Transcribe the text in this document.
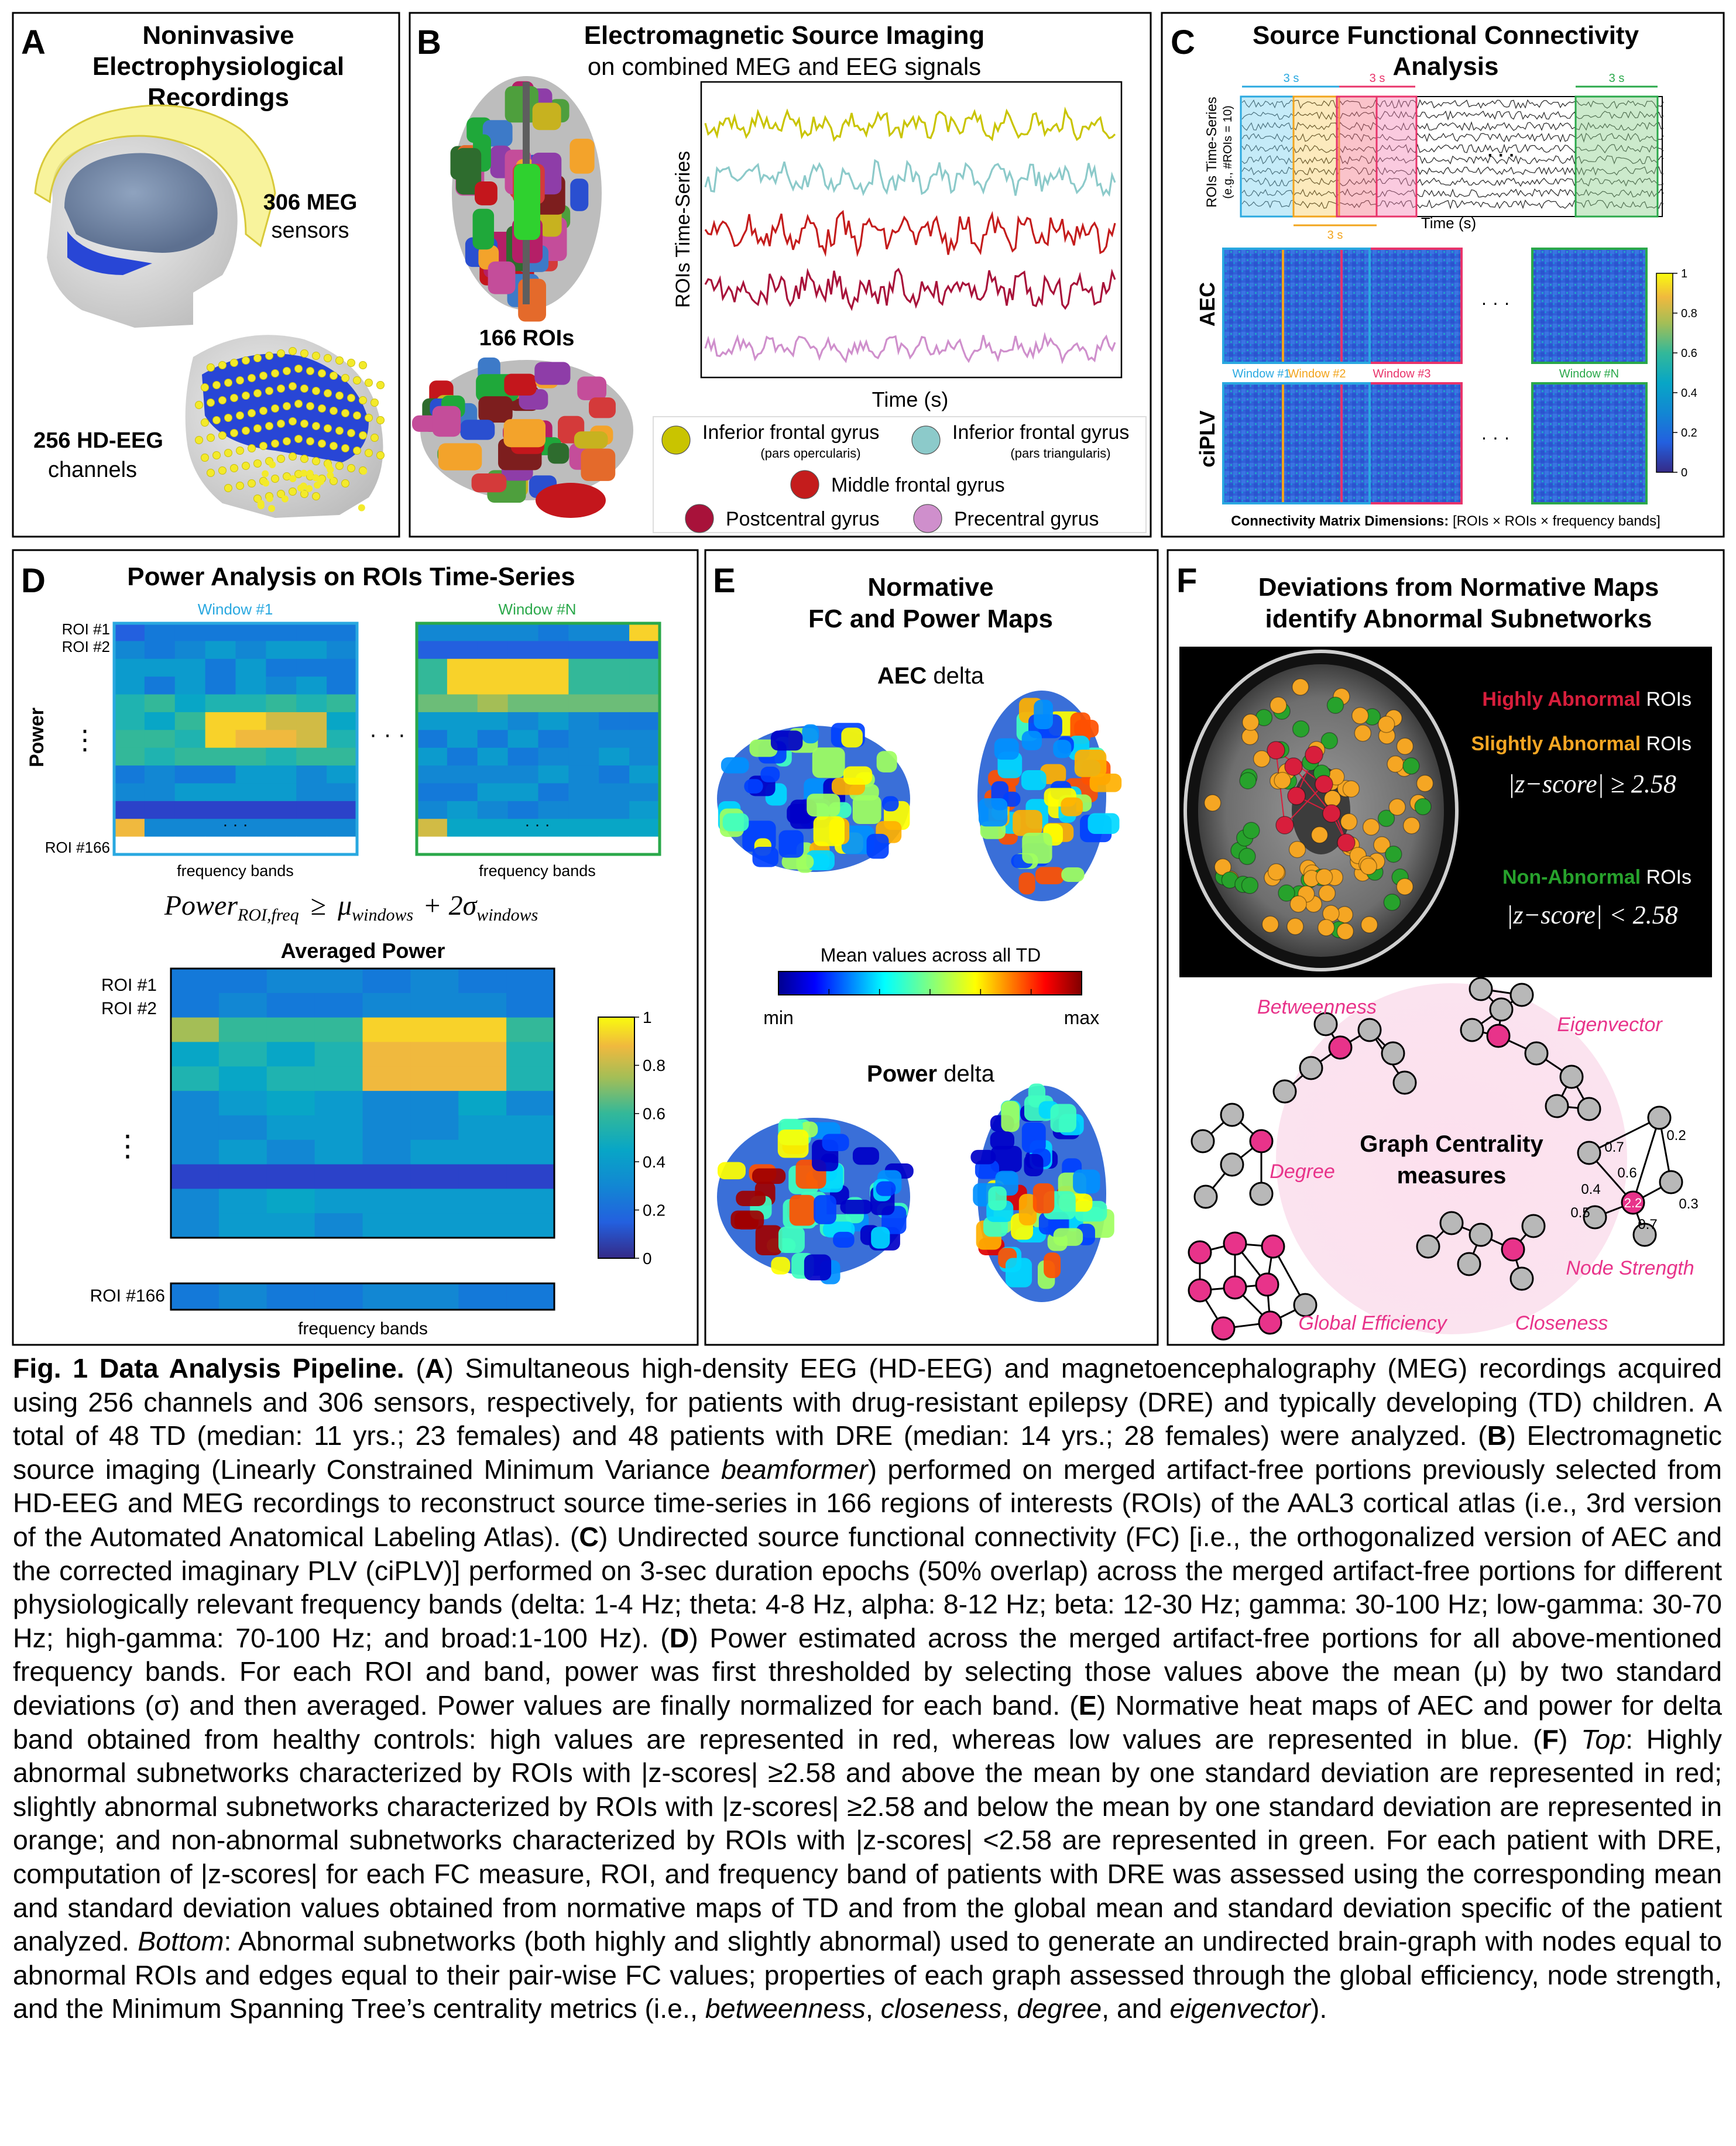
A	Noninvasive
Electrophysiological
Recordings
306 MEG
sensors
256 HD-EEG
channels
B	Electromagnetic Source Imaging
on combined MEG and EEG signals
166 ROIs
ROIs Time-Series
Time (s)
Inferior frontal gyrus
(pars opercularis)
Inferior frontal gyrus
(pars triangularis)
Middle frontal gyrus
Postcentral gyrus	Precentral gyrus
C Source Functional Connectivity
Analysis
ROIs Time-Series (e.g., #ROIs = 10)	· · ·
3 s	3 s	3 s
3 s
Time (s)
AEC
ciPLV
· · ·
Window #1
Window #2 Window #3	Window #N
· · ·
1
0.8
0.6
0.4
0.2
0
Connectivity Matrix Dimensions: [ROIs × ROIs × frequency bands]
D	Power Analysis on ROIs Time-Series
Window #1	Window #N
ROI #1
ROI #2
ROI #166
Power ⋮	· · ·
· · ·	· · ·
frequency bands	frequency bands
Power$_{ROI,freq}$ ≥ $\mu_{windows} + 2\sigma_{windows}$
Averaged Power
ROI #1
ROI #2
⋮
ROI #166
frequency bands
1
0.8
0.6
0.4
0.2
0
E	Normative
FC and Power Maps
AEC delta
Mean values across all TD
min	max
Power delta
F Deviations from Normative Maps
identify Abnormal Subnetworks
Highly Abnormal ROIs
Slightly Abnormal ROIs
|z−score| ≥ 2.58
Non-Abnormal ROIs
|z−score| < 2.58
Graph Centrality
measures
0.7
0.2
0.4
0.6
0.5
0.3
0.7
2.2
Betweenness
Eigenvector
Degree
Node Strength
Global Efficiency	Closeness

Fig. 1 Data Analysis Pipeline. (A) Simultaneous high-density EEG (HD-EEG) and magnetoencephalography (MEG) recordings acquired using 256 channels and 306 sensors, respectively, for patients with drug-resistant epilepsy (DRE) and typically developing (TD) children. A total of 48 TD (median: 11 yrs.; 23 females) and 48 patients with DRE (median: 14 yrs.; 28 females) were analyzed. (B) Electromagnetic source imaging (Linearly Constrained Minimum Variance beamformer) performed on merged artifact-free portions previously selected from HD-EEG and MEG recordings to reconstruct source time-series in 166 regions of interests (ROIs) of the AAL3 cortical atlas (i.e., 3rd version of the Automated Anatomical Labeling Atlas). (C) Undirected source functional connectivity (FC) [i.e., the orthogonalized version of AEC and the corrected imaginary PLV (ciPLV)] performed on 3-sec duration epochs (50% overlap) across the merged artifact-free portions for different physiologically relevant frequency bands (delta: 1-4 Hz; theta: 4-8 Hz, alpha: 8-12 Hz; beta: 12-30 Hz; gamma: 30-100 Hz; low-gamma: 30-70 Hz; high-gamma: 70-100 Hz; and broad:1-100 Hz). (D) Power estimated across the merged artifact-free portions for all above-mentioned frequency bands. For each ROI and band, power was first thresholded by selecting those values above the mean (μ) by two standard deviations (σ) and then averaged. Power values are finally normalized for each band. (E) Normative heat maps of AEC and power for delta band obtained from healthy controls: high values are represented in red, whereas low values are represented in blue. (F) Top: Highly abnormal subnetworks characterized by ROIs with |z-scores| ≥2.58 and above the mean by one standard deviation are represented in red; slightly abnormal subnetworks characterized by ROIs with |z-scores| ≥2.58 and below the mean by one standard deviation are represented in orange; and non-abnormal subnetworks characterized by ROIs with |z-scores| <2.58 are represented in green. For each patient with DRE, computation of |z-scores| for each FC measure, ROI, and frequency band of patients with DRE was assessed using the corresponding mean and standard deviation values obtained from normative maps of TD and from the global mean and standard deviation specific of the patient analyzed. Bottom: Abnormal subnetworks (both highly and slightly abnormal) used to generate an undirected brain-graph with nodes equal to abnormal ROIs and edges equal to their pair-wise FC values; properties of each graph assessed through the global efficiency, node strength, and the Minimum Spanning Tree’s centrality metrics (i.e., betweenness, closeness, degree, and eigenvector).
